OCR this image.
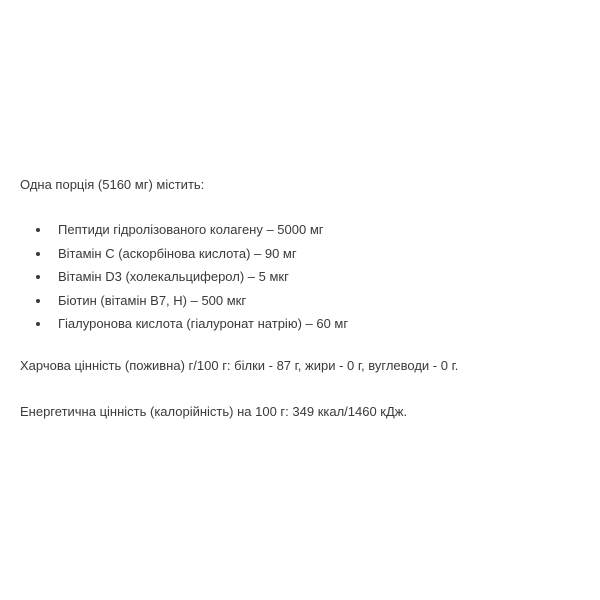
Одна порція (5160 мг) містить:
Пептиди гідролізованого колагену – 5000 мг
Вітамін С (аскорбінова кислота) – 90 мг
Вітамін D3 (холекальциферол) – 5 мкг
Біотин (вітамін B7, H) – 500 мкг
Гіалуронова кислота (гіалуронат натрію) – 60 мг
Харчова цінність (поживна) г/100 г: білки - 87 г, жири - 0 г, вуглеводи - 0 г.
Енергетична цінність (калорійність) на 100 г: 349 ккал/1460 кДж.
